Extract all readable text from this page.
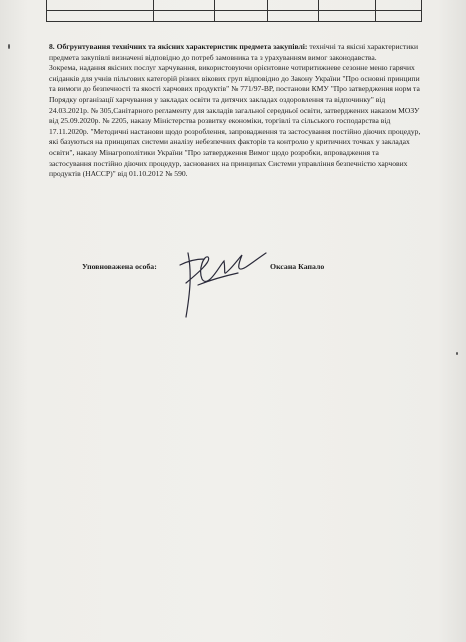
8. Обгрунтування технічних та якісних характеристик предмета закупівлі: технічні та якісні характеристики предмета закупівлі визначені відповідно до потреб замовника та з урахуванням вимог законодавства.

Зокрема, надання якісних послуг харчування, використовуючи орієнтовне чотиритижневе сезонне меню гарячих сніданків для учнів пільгових категорій різних вікових груп відповідно до Закону України "Про основні принципи та вимоги до безпечності та якості харчових продуктів" № 771/97-ВР, постанови КМУ "Про затвердження норм та Порядку організації харчування у закладах освіти та дитячих закладах оздоровлення та відпочинку" від 24.03.2021р. № 305,Санітарного регламенту для закладів загальної середньої освіти, затверджених наказом МОЗУ від 25.09.2020р. № 2205, наказу Міністерства розвитку економіки, торгівлі та сільського господарства від 17.11.2020р. "Методичні настанови щодо розроблення, запровадження та застосування постійно діючих процедур, які базуються на принципах системи аналізу небезпечних факторів та контролю у критичних точках у закладах освіти", наказу Мінагрополітики України "Про затвердження Вимог щодо розробки, впровадження та застосування постійно діючих процедур, заснованих на принципах Системи управління безпечністю харчових продуктів (НАССР)" від 01.10.2012 № 590.

Уповноважена особа:	Оксана Капало
